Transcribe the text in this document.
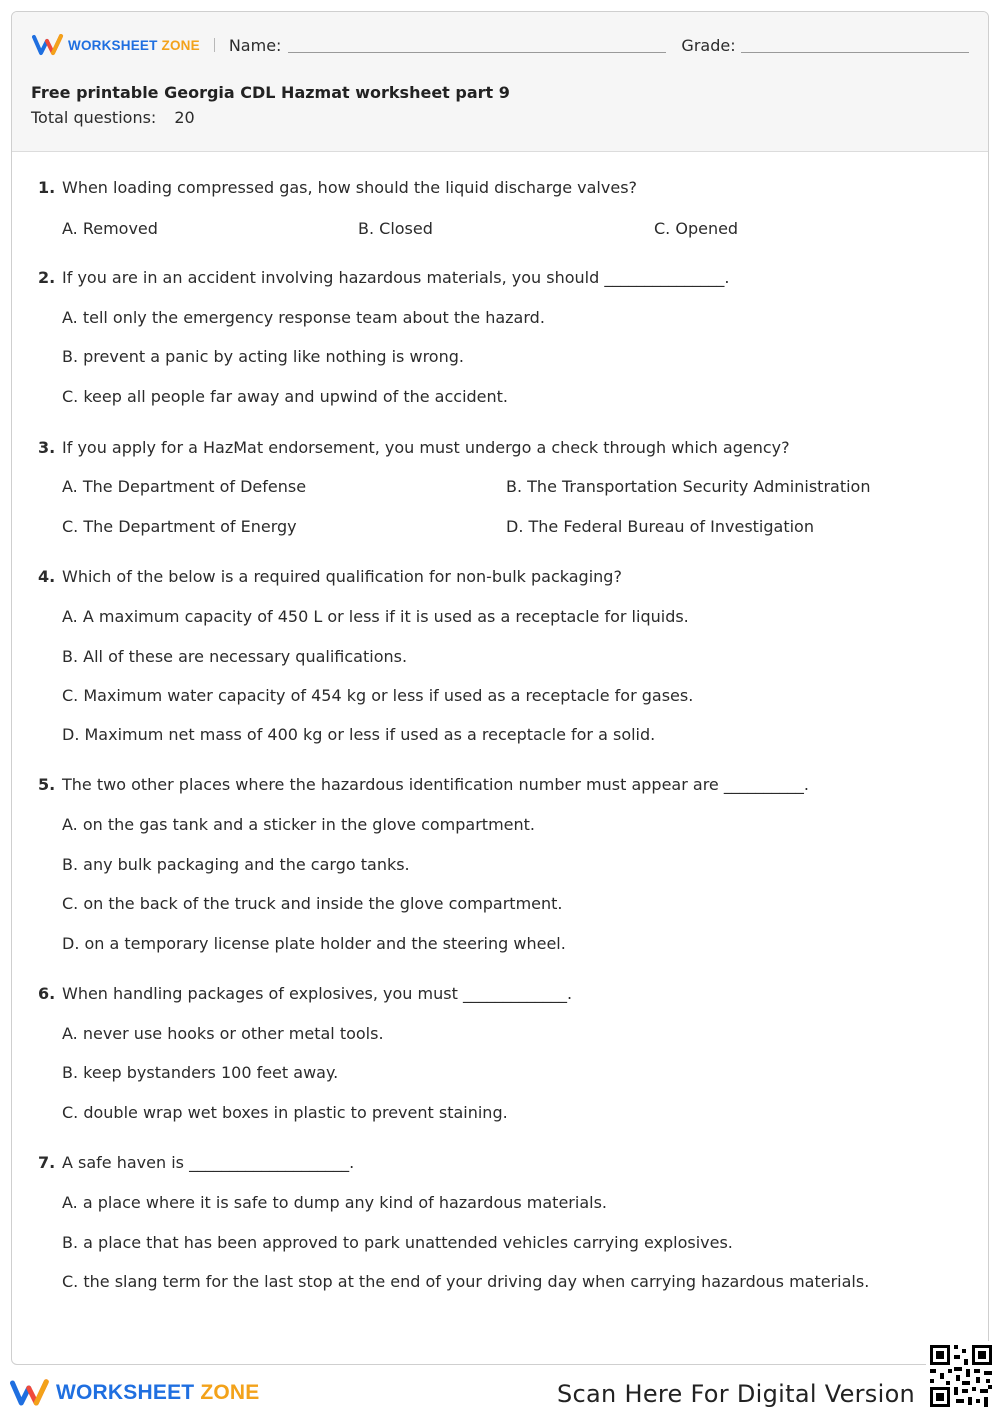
WORKSHEET ZONE Name:	Grade:
Free printable Georgia CDL Hazmat worksheet part 9
Total questions: 20
1. When loading compressed gas, how should the liquid discharge valves?
A. Removed	B. Closed	C. Opened
2. If you are in an accident involving hazardous materials, you should _______________.
A. tell only the emergency response team about the hazard.
B. prevent a panic by acting like nothing is wrong.
C. keep all people far away and upwind of the accident.
3. If you apply for a HazMat endorsement, you must undergo a check through which agency?
A. The Department of Defense	B. The Transportation Security Administration
C. The Department of Energy	D. The Federal Bureau of Investigation
4. Which of the below is a required qualification for non-bulk packaging?
A. A maximum capacity of 450 L or less if it is used as a receptacle for liquids.
B. All of these are necessary qualifications.
C. Maximum water capacity of 454 kg or less if used as a receptacle for gases.
D. Maximum net mass of 400 kg or less if used as a receptacle for a solid.
5. The two other places where the hazardous identification number must appear are __________.
A. on the gas tank and a sticker in the glove compartment.
B. any bulk packaging and the cargo tanks.
C. on the back of the truck and inside the glove compartment.
D. on a temporary license plate holder and the steering wheel.
6. When handling packages of explosives, you must _____________.
A. never use hooks or other metal tools.
B. keep bystanders 100 feet away.
C. double wrap wet boxes in plastic to prevent staining.
7. A safe haven is ____________________.
A. a place where it is safe to dump any kind of hazardous materials.
B. a place that has been approved to park unattended vehicles carrying explosives.
C. the slang term for the last stop at the end of your driving day when carrying hazardous materials.
WORKSHEET ZONE	Scan Here For Digital Version
